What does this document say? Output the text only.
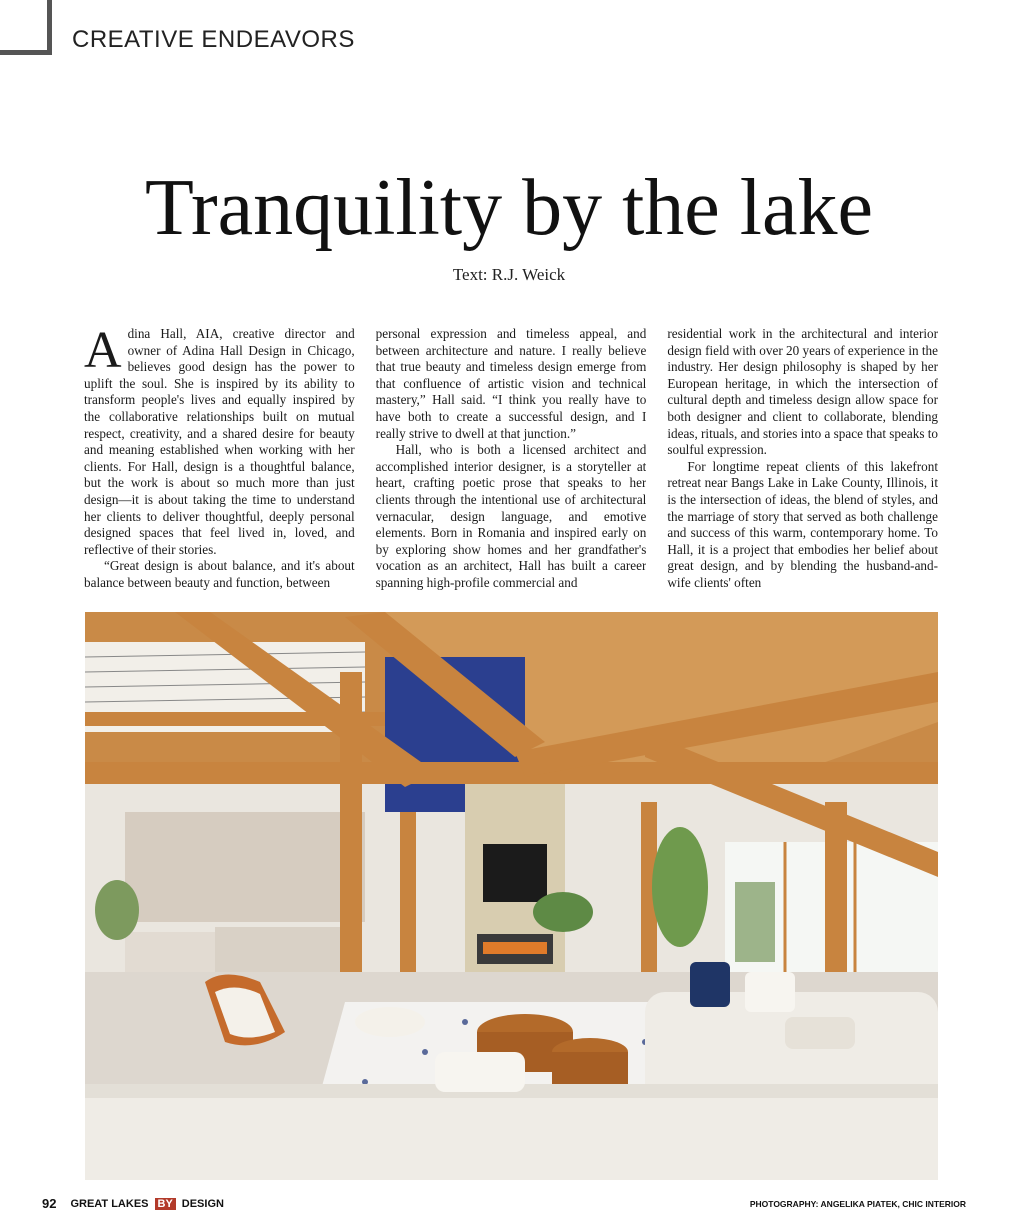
CREATIVE ENDEAVORS
Tranquility by the lake
Text: R.J. Weick

Adina Hall, AIA, creative director and owner of Adina Hall Design in Chicago, believes good design has the power to uplift the soul. She is inspired by its ability to transform people's lives and equally inspired by the collaborative relationships built on mutual respect, creativity, and a shared desire for beauty and meaning established when working with her clients. For Hall, design is a thoughtful balance, but the work is about so much more than just design—it is about taking the time to understand her clients to deliver thoughtful, deeply personal designed spaces that feel lived in, loved, and reflective of their stories.

“Great design is about balance, and it's about balance between beauty and function, between

personal expression and timeless appeal, and between architecture and nature. I really believe that true beauty and timeless design emerge from that confluence of artistic vision and technical mastery,” Hall said. “I think you really have to have both to create a successful design, and I really strive to dwell at that junction.”

Hall, who is both a licensed architect and accomplished interior designer, is a storyteller at heart, crafting poetic prose that speaks to her clients through the intentional use of architectural vernacular, design language, and emotive elements. Born in Romania and inspired early on by exploring show homes and her grandfather's vocation as an architect, Hall has built a career spanning high-profile commercial and

residential work in the architectural and interior design field with over 20 years of experience in the industry. Her design philosophy is shaped by her European heritage, in which the intersection of cultural depth and timeless design allow space for both designer and client to collaborate, blending ideas, rituals, and stories into a space that speaks to soulful expression.

For longtime repeat clients of this lakefront retreat near Bangs Lake in Lake County, Illinois, it is the intersection of ideas, the blend of styles, and the marriage of story that served as both challenge and success of this warm, contemporary home. To Hall, it is a project that embodies her belief about great design, and by blending the husband-and-wife clients' often

92 GREAT LAKES BY DESIGN	PHOTOGRAPHY: ANGELIKA PIATEK, CHIC INTERIOR
